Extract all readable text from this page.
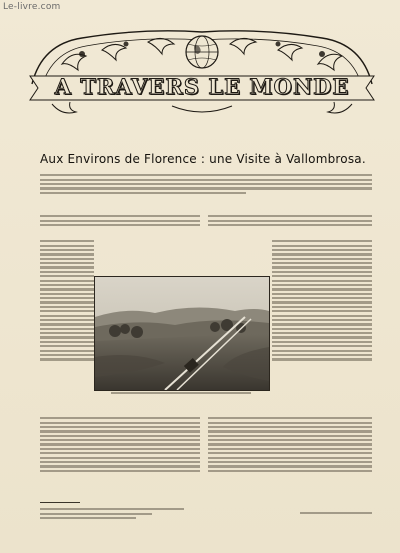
Le-livre.com
A TRAVERS LE MONDE
Aux Environs de Florence : une Visite à Vallombrosa.
